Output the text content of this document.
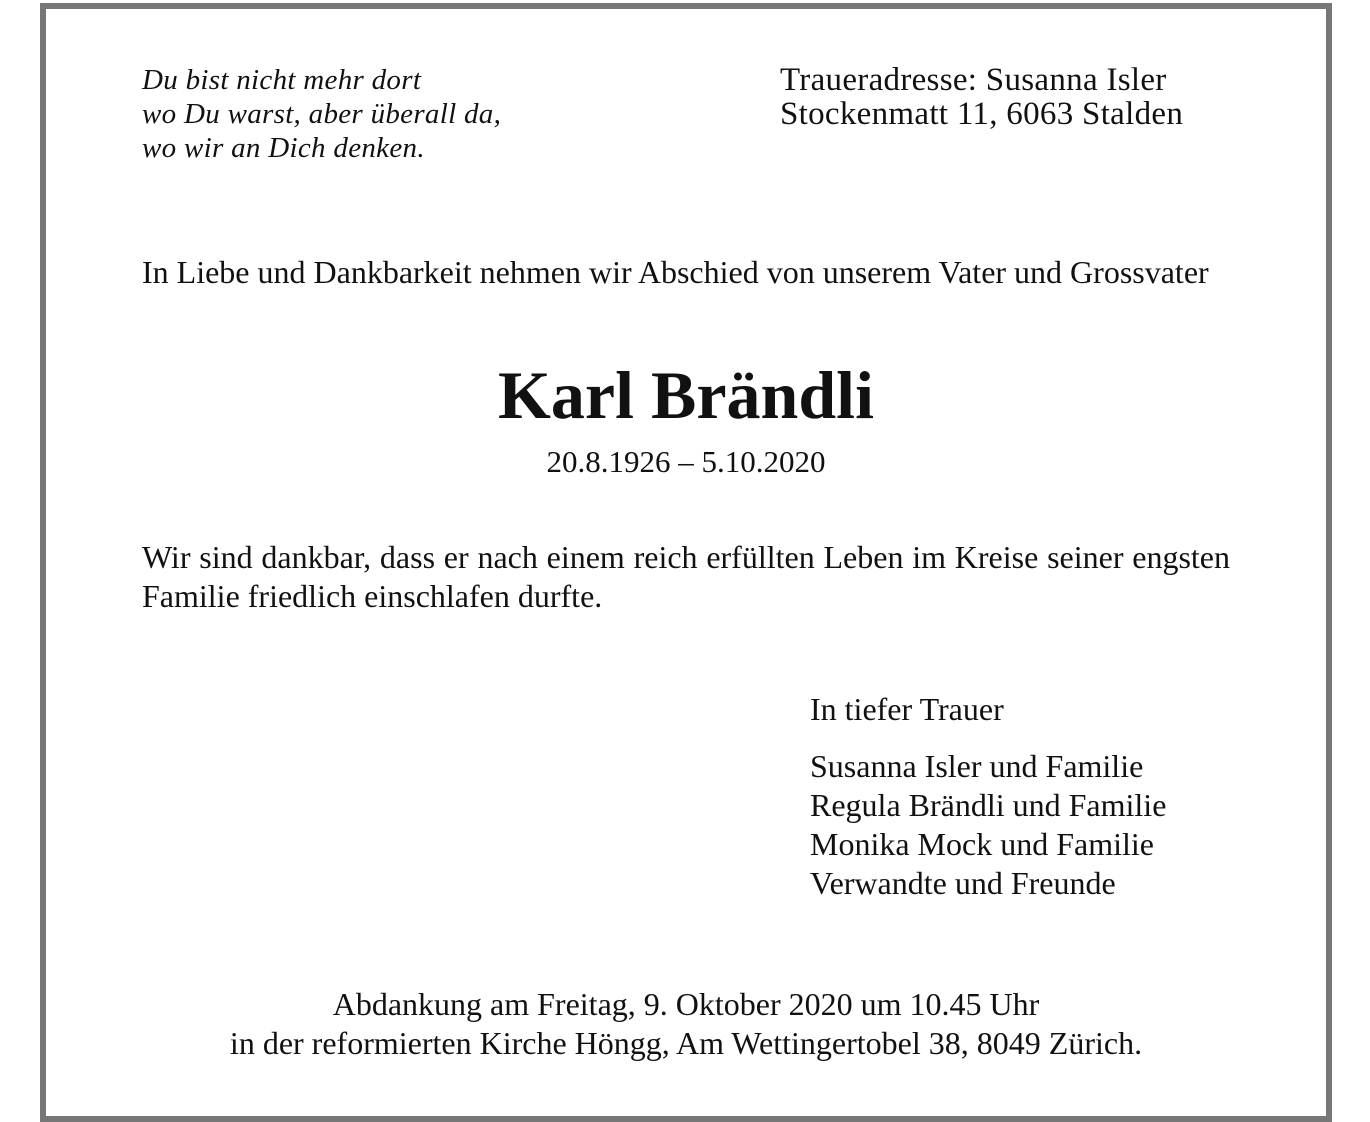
Du bist nicht mehr dort
wo Du warst, aber überall da,
wo wir an Dich denken.
Traueradresse: Susanna Isler
Stockenmatt 11, 6063 Stalden
In Liebe und Dankbarkeit nehmen wir Abschied von unserem Vater und Grossvater
Karl Brändli
20.8.1926 – 5.10.2020
Wir sind dankbar, dass er nach einem reich erfüllten Leben im Kreise seiner engsten Familie friedlich einschlafen durfte.
In tiefer Trauer
Susanna Isler und Familie
Regula Brändli und Familie
Monika Mock und Familie
Verwandte und Freunde
Abdankung am Freitag, 9. Oktober 2020 um 10.45 Uhr
in der reformierten Kirche Höngg, Am Wettingertobel 38, 8049 Zürich.
